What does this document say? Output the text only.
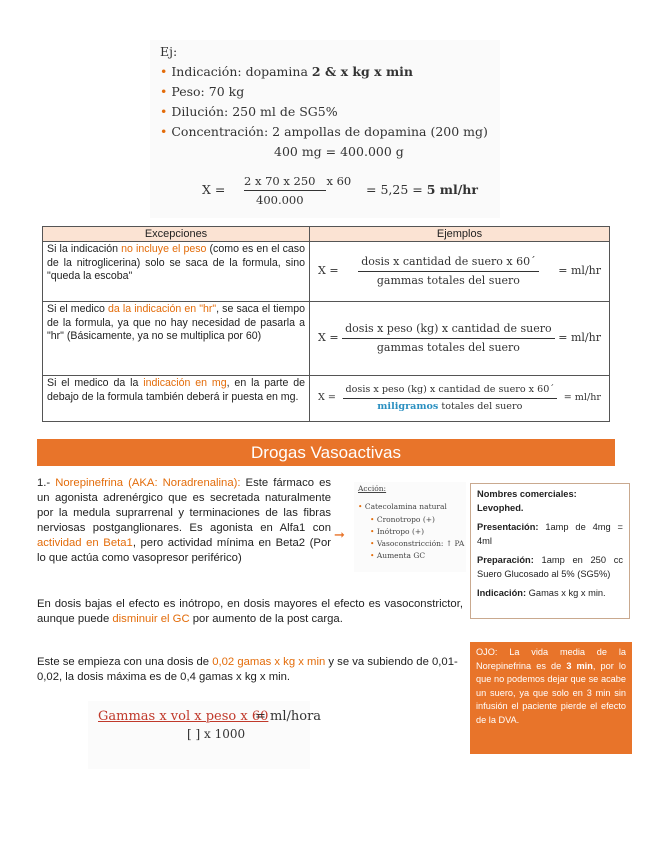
Ej:
• Indicación: dopamina 2 & x kg x min
• Peso: 70 kg
• Dilución: 250 ml de SG5%
• Concentración: 2 ampollas de dopamina (200 mg)
400 mg = 400.000 g
X =
2 x 70 x 250 x 60
400.000
= 5,25 = 5 ml/hr
Excepciones	Ejemplos
Si la indicación no incluye el peso (como es en el caso de la nitroglicerina) solo se saca de la formula, sino "queda la escoba"	$X = \frac{\text{dosis x cantidad de suero x 60´}}{\text{gammas totales del suero}} = ml/hr$

Si el medico da la indicación en "hr", se saca el tiempo de la formula, ya que no hay necesidad de pasarla a "hr" (Básicamente, ya no se multiplica por 60)	$X = \frac{\text{dosis x peso (kg) x cantidad de suero}}{\text{gammas totales del suero}} = ml/hr$

Si el medico da la indicación en mg, en la parte de debajo de la formula también deberá ir puesta en mg.	$X = \frac{\text{dosis x peso (kg) x cantidad de suero x 60´}}{\text{miligramos totales del suero}} = ml/hr$
Drogas Vasoactivas
1.- Norepinefrina (AKA: Noradrenalina): Este fármaco es un agonista adrenérgico que es secretada naturalmente por la medula suprarrenal y terminaciones de las fibras nerviosas postganglionares. Es agonista en Alfa1 con actividad en Beta1, pero actividad mínima en Beta2 (Por lo que actúa como vasopresor periférico)
➞
Acción:
• Catecolamina natural
• Cronotropo (+)
• Inótropo (+)
• Vasoconstricción: ↑ PA
• Aumenta GC

Nombres comerciales:

Levophed.

Presentación: 1amp de 4mg = 4ml

Preparación: 1amp en 250 cc Suero Glucosado al 5% (SG5%)

Indicación: Gamas x kg x min.

En dosis bajas el efecto es inótropo, en dosis mayores el efecto es vasoconstrictor, aunque puede disminuir el GC por aumento de la post carga.
Este se empieza con una dosis de 0,02 gamas x kg x min y se va subiendo de 0,01-0,02, la dosis máxima es de 0,4 gamas x kg x min.
OJO: La vida media de la Norepinefrina es de 3 min, por lo que no podemos dejar que se acabe un suero, ya que solo en 3 min sin infusión el paciente pierde el efecto de la DVA.
Gammas x vol x peso x 60
= ml/hora
[ ] x 1000
